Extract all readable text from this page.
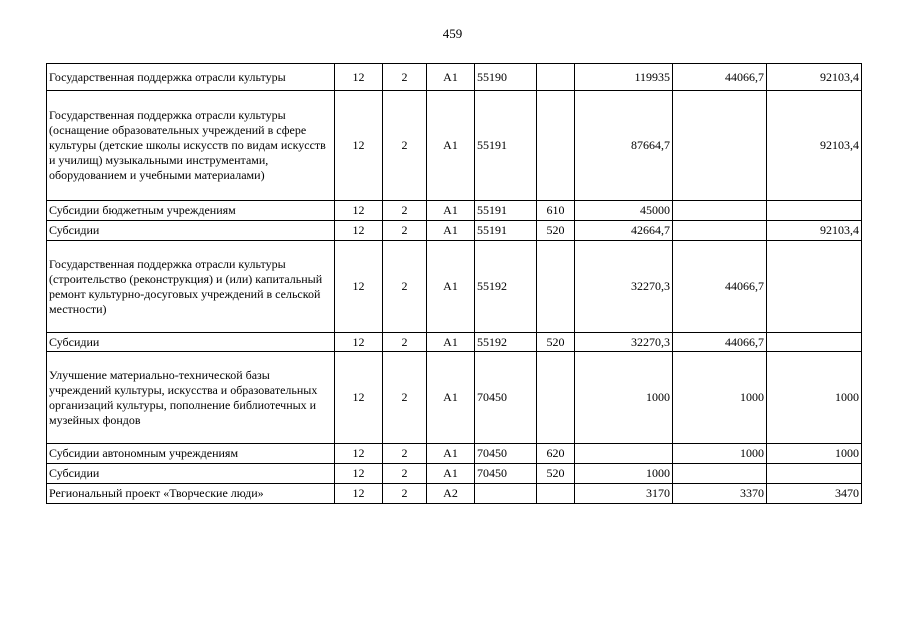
459
Государственная поддержка отрасли культуры	12	2	А1	55190		119935	44066,7	92103,4
Государственная поддержка отрасли культуры (оснащение образовательных учреждений в сфере культуры (детские школы искусств по видам искусств и училищ) музыкальными инструментами, оборудованием и учебными материалами)	12	2	А1	55191		87664,7		92103,4
Субсидии бюджетным учреждениям	12	2	А1	55191	610	45000		
Субсидии	12	2	А1	55191	520	42664,7		92103,4
Государственная поддержка отрасли культуры (строительство (реконструкция) и (или) капитальный ремонт культурно-досуговых учреждений в сельской местности)	12	2	А1	55192		32270,3	44066,7	
Субсидии	12	2	А1	55192	520	32270,3	44066,7	
Улучшение материально-технической базы учреждений культуры, искусства и образовательных организаций культуры, пополнение библиотечных и музейных фондов	12	2	А1	70450		1000	1000	1000
Субсидии автономным учреждениям	12	2	А1	70450	620		1000	1000
Субсидии	12	2	А1	70450	520	1000		
Региональный проект «Творческие люди»	12	2	А2			3170	3370	3470
